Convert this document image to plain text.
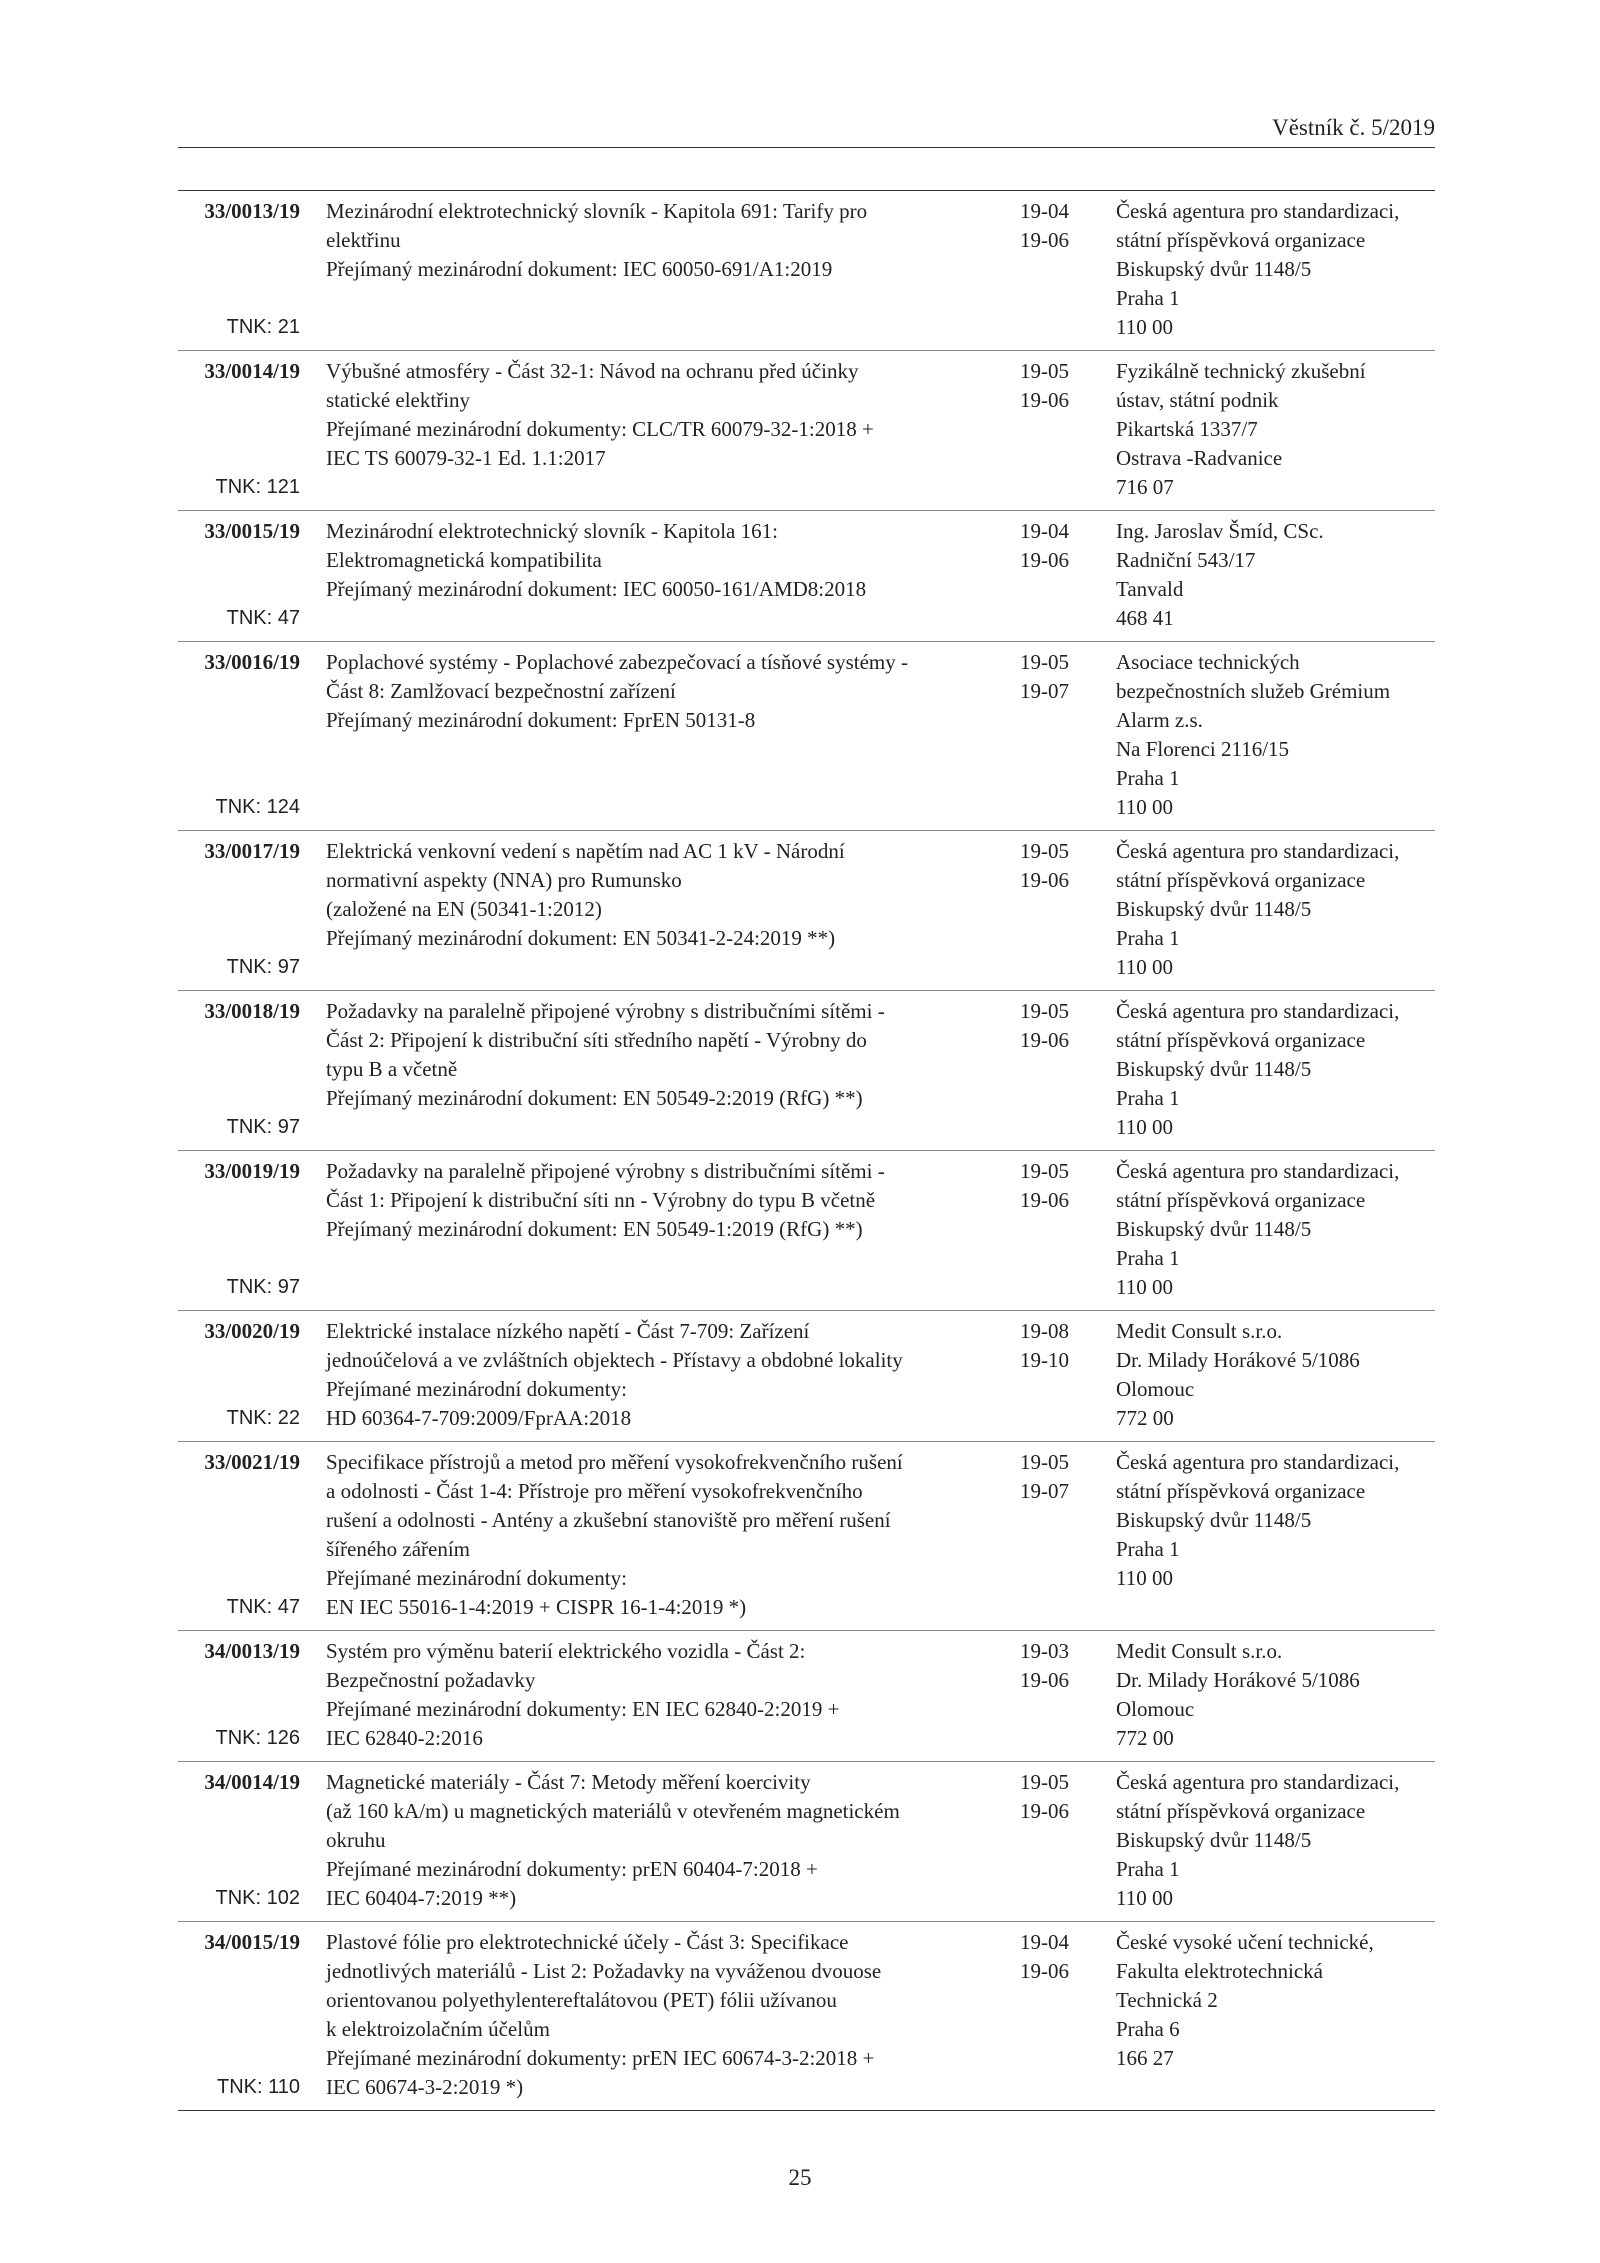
Věstník č. 5/2019
33/0013/19
TNK: 21
Mezinárodní elektrotechnický slovník - Kapitola 691: Tarify pro
elektřinu
Přejímaný mezinárodní dokument: IEC 60050-691/A1:2019
19-04
19-06
Česká agentura pro standardizaci,
státní příspěvková organizace
Biskupský dvůr 1148/5
Praha 1
110 00
33/0014/19
TNK: 121
Výbušné atmosféry - Část 32-1: Návod na ochranu před účinky
statické elektřiny
Přejímané mezinárodní dokumenty: CLC/TR 60079-32-1:2018 +
IEC TS 60079-32-1 Ed. 1.1:2017
19-05
19-06
Fyzikálně technický zkušební
ústav, státní podnik
Pikartská 1337/7
Ostrava -Radvanice
716 07
33/0015/19
TNK: 47
Mezinárodní elektrotechnický slovník - Kapitola 161:
Elektromagnetická kompatibilita
Přejímaný mezinárodní dokument: IEC 60050-161/AMD8:2018
19-04
19-06
Ing. Jaroslav Šmíd, CSc.
Radniční 543/17
Tanvald
468 41
33/0016/19
TNK: 124
Poplachové systémy - Poplachové zabezpečovací a tísňové systémy -
Část 8: Zamlžovací bezpečnostní zařízení
Přejímaný mezinárodní dokument: FprEN 50131-8
19-05
19-07
Asociace technických
bezpečnostních služeb Grémium
Alarm z.s.
Na Florenci 2116/15
Praha 1
110 00
33/0017/19
TNK: 97
Elektrická venkovní vedení s napětím nad AC 1 kV - Národní
normativní aspekty (NNA) pro Rumunsko
(založené na EN (50341-1:2012)
Přejímaný mezinárodní dokument: EN 50341-2-24:2019 **)
19-05
19-06
Česká agentura pro standardizaci,
státní příspěvková organizace
Biskupský dvůr 1148/5
Praha 1
110 00
33/0018/19
TNK: 97
Požadavky na paralelně připojené výrobny s distribučními sítěmi -
Část 2: Připojení k distribuční síti středního napětí - Výrobny do
typu B a včetně
Přejímaný mezinárodní dokument: EN 50549-2:2019 (RfG) **)
19-05
19-06
Česká agentura pro standardizaci,
státní příspěvková organizace
Biskupský dvůr 1148/5
Praha 1
110 00
33/0019/19
TNK: 97
Požadavky na paralelně připojené výrobny s distribučními sítěmi -
Část 1: Připojení k distribuční síti nn - Výrobny do typu B včetně
Přejímaný mezinárodní dokument: EN 50549-1:2019 (RfG) **)
19-05
19-06
Česká agentura pro standardizaci,
státní příspěvková organizace
Biskupský dvůr 1148/5
Praha 1
110 00
33/0020/19
TNK: 22
Elektrické instalace nízkého napětí - Část 7-709: Zařízení
jednoúčelová a ve zvláštních objektech - Přístavy a obdobné lokality
Přejímané mezinárodní dokumenty:
HD 60364-7-709:2009/FprAA:2018
19-08
19-10
Medit Consult s.r.o.
Dr. Milady Horákové 5/1086
Olomouc
772 00
33/0021/19
TNK: 47
Specifikace přístrojů a metod pro měření vysokofrekvenčního rušení
a odolnosti - Část 1-4: Přístroje pro měření vysokofrekvenčního
rušení a odolnosti - Antény a zkušební stanoviště pro měření rušení
šířeného zářením
Přejímané mezinárodní dokumenty:
EN IEC 55016-1-4:2019 + CISPR 16-1-4:2019 *)
19-05
19-07
Česká agentura pro standardizaci,
státní příspěvková organizace
Biskupský dvůr 1148/5
Praha 1
110 00
34/0013/19
TNK: 126
Systém pro výměnu baterií elektrického vozidla - Část 2:
Bezpečnostní požadavky
Přejímané mezinárodní dokumenty: EN IEC 62840-2:2019 +
IEC 62840-2:2016
19-03
19-06
Medit Consult s.r.o.
Dr. Milady Horákové 5/1086
Olomouc
772 00
34/0014/19
TNK: 102
Magnetické materiály - Část 7: Metody měření koercivity
(až 160 kA/m) u magnetických materiálů v otevřeném magnetickém
okruhu
Přejímané mezinárodní dokumenty: prEN 60404-7:2018 +
IEC 60404-7:2019 **)
19-05
19-06
Česká agentura pro standardizaci,
státní příspěvková organizace
Biskupský dvůr 1148/5
Praha 1
110 00
34/0015/19
TNK: 110
Plastové fólie pro elektrotechnické účely - Část 3: Specifikace
jednotlivých materiálů - List 2: Požadavky na vyváženou dvouose
orientovanou polyethylentereftalátovou (PET) fólii užívanou
k elektroizolačním účelům
Přejímané mezinárodní dokumenty: prEN IEC 60674-3-2:2018 +
IEC 60674-3-2:2019 *)
19-04
19-06
České vysoké učení technické,
Fakulta elektrotechnická
Technická 2
Praha 6
166 27
25
